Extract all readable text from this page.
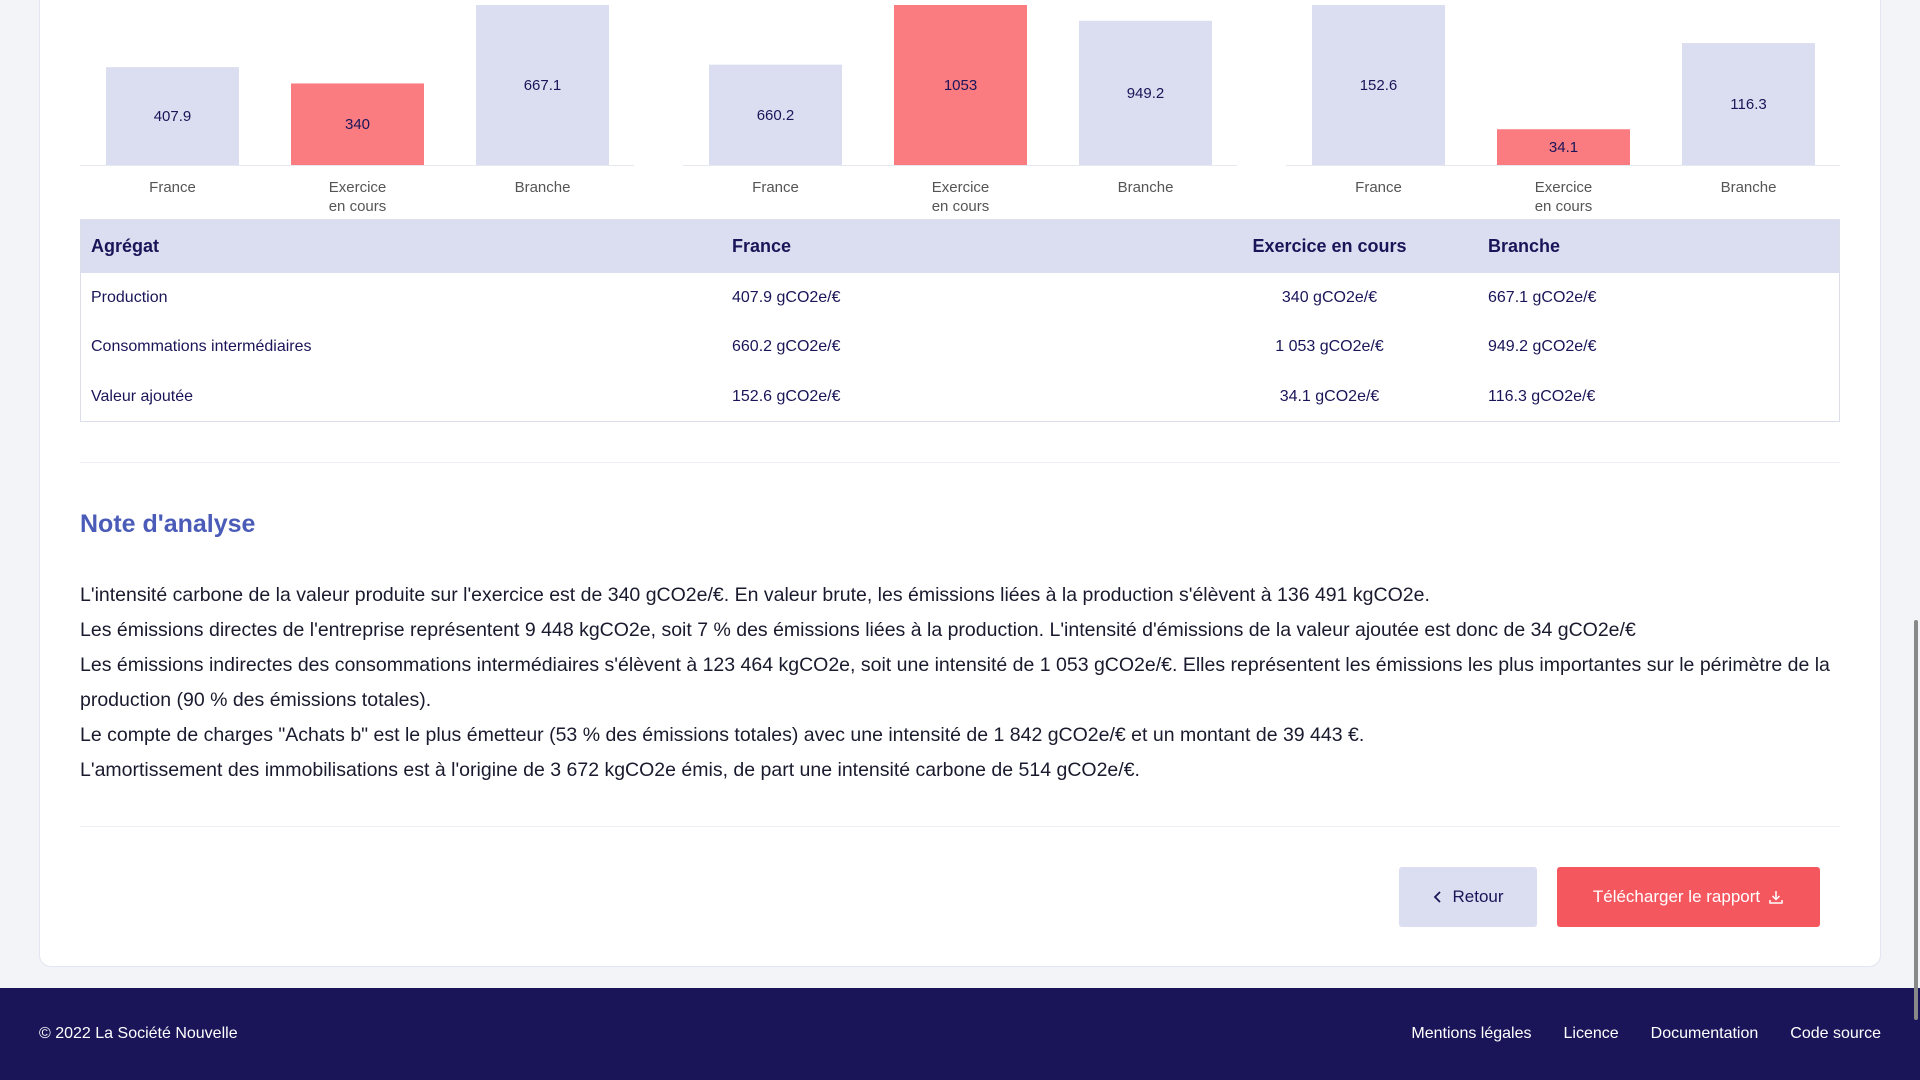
407.9
France
340
Exercice
en cours
667.1
Branche
660.2
France
1053
Exercice
en cours
949.2
Branche
152.6
France
34.1
Exercice
en cours
116.3
Branche
Agrégat	France	Exercice en cours	Branche
Production	407.9 gCO2e/€	340 gCO2e/€	667.1 gCO2e/€
Consommations intermédiaires	660.2 gCO2e/€	1 053 gCO2e/€	949.2 gCO2e/€
Valeur ajoutée	152.6 gCO2e/€	34.1 gCO2e/€	116.3 gCO2e/€
Note d'analyse

L'intensité carbone de la valeur produite sur l'exercice est de 340 gCO2e/€. En valeur brute, les émissions liées à la production s'élèvent à 136 491 kgCO2e.

Les émissions directes de l'entreprise représentent 9 448 kgCO2e, soit 7 % des émissions liées à la production. L'intensité d'émissions de la valeur ajoutée est donc de 34 gCO2e/€

Les émissions indirectes des consommations intermédiaires s'élèvent à 123 464 kgCO2e, soit une intensité de 1 053 gCO2e/€. Elles représentent les émissions les plus importantes sur le périmètre de la production (90 % des émissions totales).

Le compte de charges "Achats b" est le plus émetteur (53 % des émissions totales) avec une intensité de 1 842 gCO2e/€ et un montant de 39 443 €.

L'amortissement des immobilisations est à l'origine de 3 672 kgCO2e émis, de part une intensité carbone de 514 gCO2e/€.

Retour	Télécharger le rapport
© 2022 La Société Nouvelle	Mentions légales Licence Documentation Code source
